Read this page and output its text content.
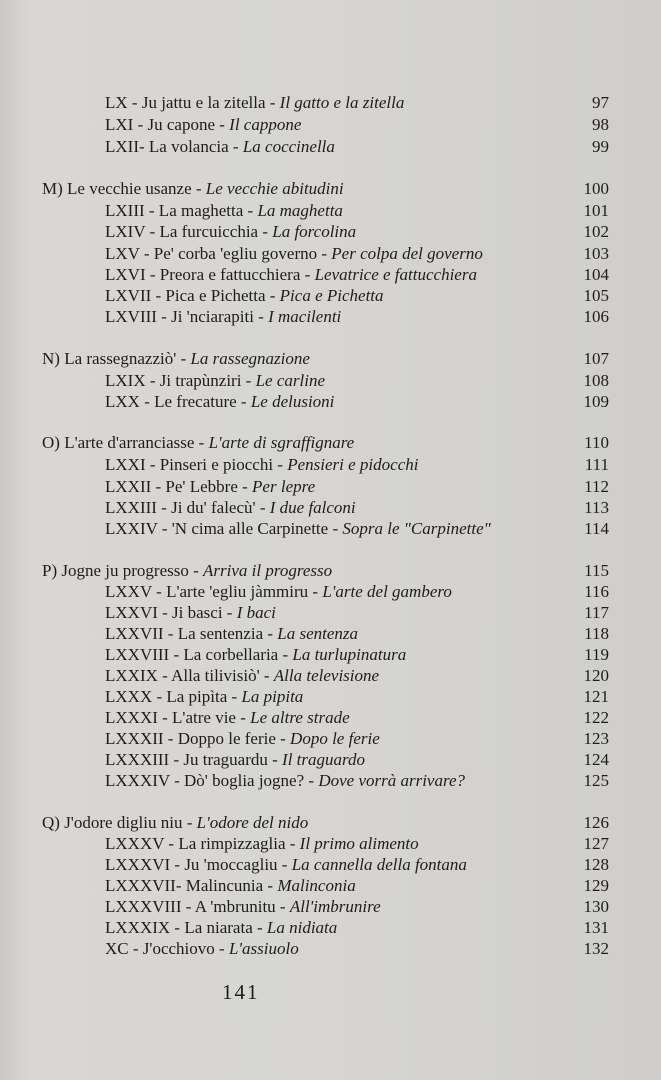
LX - Ju jattu e la zitella - Il gatto e la zitella	97
LXI - Ju capone - Il cappone	98
LXII- La volancia - La coccinella	99
M) Le vecchie usanze - Le vecchie abitudini	100
LXIII - La maghetta - La maghetta	101
LXIV - La furcuicchia - La forcolina	102
LXV - Pe' corba 'egliu governo - Per colpa del governo	103
LXVI - Preora e fattucchiera - Levatrice e fattucchiera	104
LXVII - Pica e Pichetta - Pica e Pichetta	105
LXVIII - Ji 'nciarapiti - I macilenti	106
N) La rassegnazziò' - La rassegnazione	107
LXIX - Ji trapùnziri - Le carline	108
LXX - Le frecature - Le delusioni	109
O) L'arte d'arranciasse - L'arte di sgraffignare	110
LXXI - Pinseri e piocchi - Pensieri e pidocchi	111
LXXII - Pe' Lebbre - Per lepre	112
LXXIII - Ji du' falecù' - I due falconi	113
LXXIV - 'N cima alle Carpinette - Sopra le "Carpinette"	114
P) Jogne ju progresso - Arriva il progresso	115
LXXV - L'arte 'egliu jàmmiru - L'arte del gambero	116
LXXVI - Ji basci - I baci	117
LXXVII - La sentenzia - La sentenza	118
LXXVIII - La corbellaria - La turlupinatura	119
LXXIX - Alla tilivisiò' - Alla televisione	120
LXXX - La pipìta - La pipita	121
LXXXI - L'atre vie - Le altre strade	122
LXXXII - Doppo le ferie - Dopo le ferie	123
LXXXIII - Ju traguardu - Il traguardo	124
LXXXIV - Dò' boglia jogne? - Dove vorrà arrivare?	125
Q) J'odore digliu niu - L'odore del nido	126
LXXXV - La rimpizzaglia - Il primo alimento	127
LXXXVI - Ju 'moccagliu - La cannella della fontana	128
LXXXVII- Malincunia - Malinconia	129
LXXXVIII - A 'mbrunitu - All'imbrunire	130
LXXXIX - La niarata - La nidiata	131
XC - J'occhiovo - L'assiuolo	132
141
